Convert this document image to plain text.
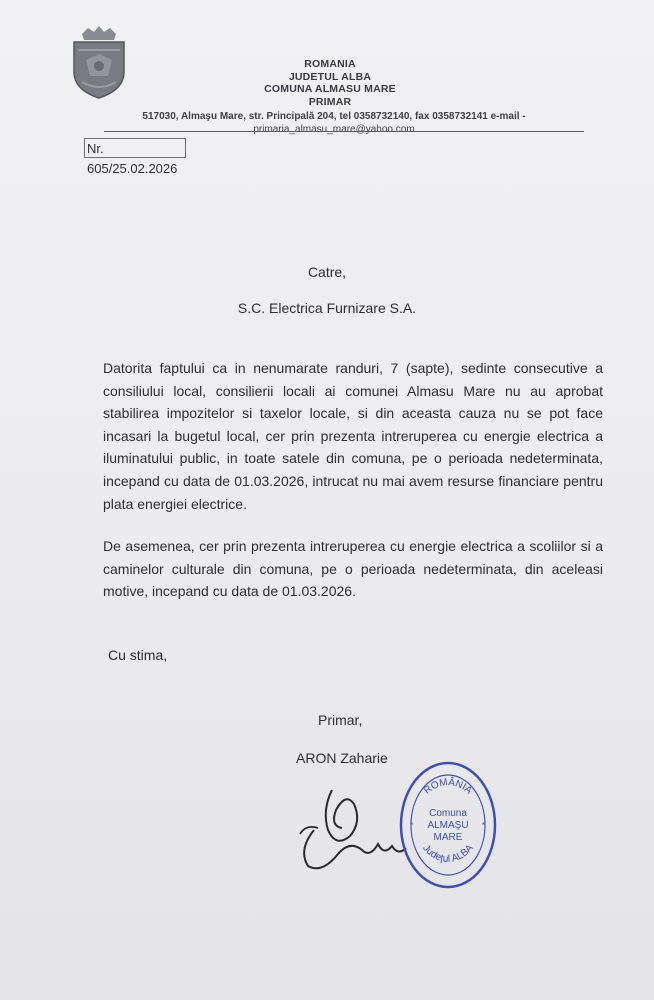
ROMANIA
JUDETUL ALBA
COMUNA ALMASU MARE
PRIMAR
517030, Almaşu Mare, str. Principală 204, tel 0358732140, fax 0358732141 e-mail -
primaria_almasu_mare@yahoo.com
Nr. 605/25.02.2026
Catre,
S.C. Electrica Furnizare S.A.
Datorita faptului ca in nenumarate randuri, 7 (sapte), sedinte consecutive a consiliului local, consilierii locali ai comunei Almasu Mare nu au aprobat stabilirea impozitelor si taxelor locale, si din aceasta cauza nu se pot face incasari la bugetul local, cer prin prezenta intreruperea cu energie electrica a iluminatului public, in toate satele din comuna, pe o perioada nedeterminata, incepand cu data de 01.03.2026, intrucat nu mai avem resurse financiare pentru plata energiei electrice.
De asemenea, cer prin prezenta intreruperea cu energie electrica a scoliilor si a caminelor culturale din comuna, pe o perioada nedeterminata, din aceleasi motive, incepand cu data de 01.03.2026.
Cu stima,
Primar,
ARON Zaharie
ROMÂNIA
Judeţul ALBA
Comuna
ALMAŞU
MARE
*	*
